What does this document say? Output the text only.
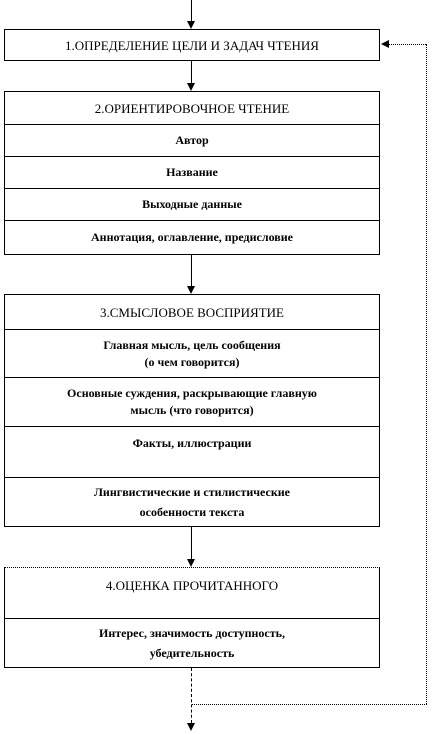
1.ОПРЕДЕЛЕНИЕ ЦЕЛИ И ЗАДАЧ ЧТЕНИЯ
2.ОРИЕНТИРОВОЧНОЕ ЧТЕНИЕ
Автор
Название
Выходные данные
Аннотация, оглавление, предисловие
3.СМЫСЛОВОЕ ВОСПРИЯТИЕ
Главная мысль, цель сообщения
(о чем говорится)
Основные суждения, раскрывающие главную
мысль (что говорится)
Факты, иллюстрации
Лингвистические и стилистические
особенности текста
4.ОЦЕНКА ПРОЧИТАННОГО
Интерес, значимость доступность,
убедительность
